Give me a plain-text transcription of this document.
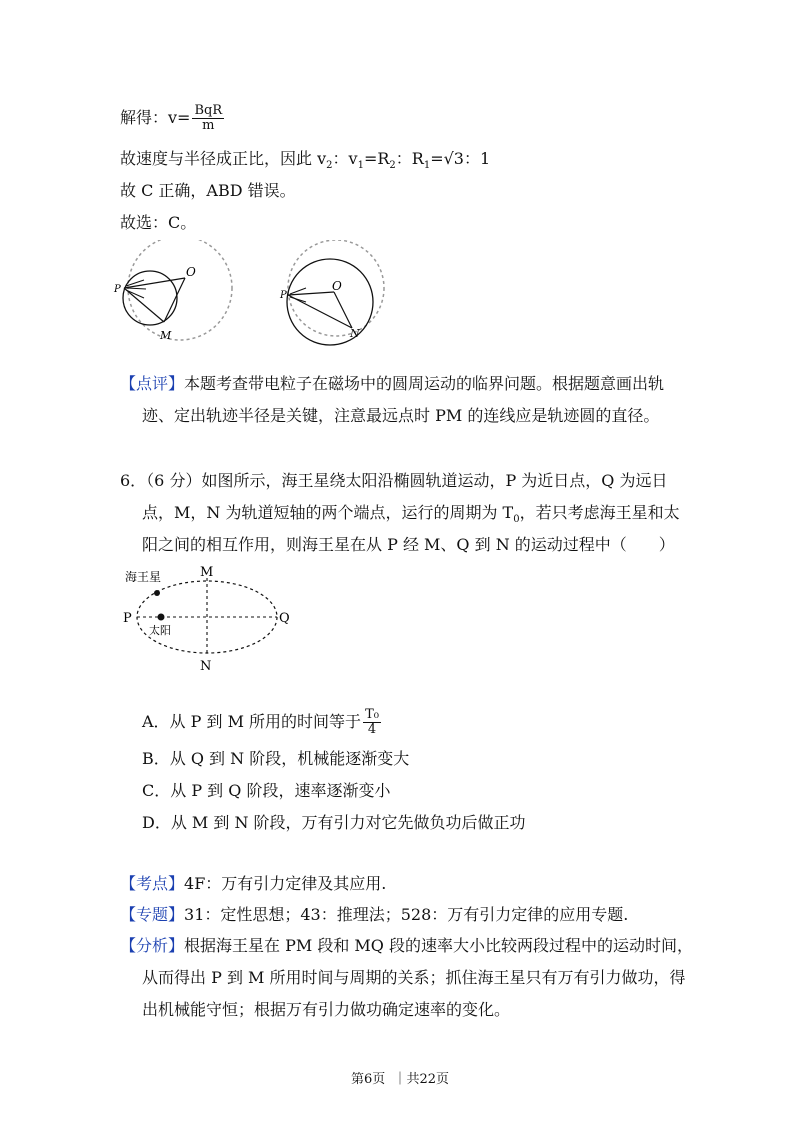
解得：$v= \frac{\text{BqR}}{m}$
故速度与半径成正比，因此 $v_2$：$v_1=R_2$：$R_1=√3$：1
故 C 正确，ABD 错误。
故选：C。
P
O
M
P
O
N
【点评】本题考查带电粒子在磁场中的圆周运动的临界问题。根据题意画出轨
迹、定出轨迹半径是关键，注意最远点时 PM 的连线应是轨迹圆的直径。
6．（6 分）如图所示，海王星绕太阳沿椭圆轨道运动，P 为近日点，Q 为远日
点，M，N 为轨道短轴的两个端点，运行的周期为 $T_0$，若只考虑海王星和太
阳之间的相互作用，则海王星在从 P 经 M、Q 到 N 的运动过程中（　　）
海王星	M
P
太阳
Q
N
A．从 P 到 M 所用的时间等于 $\frac{\text{T₀}}{4}$
B．从 Q 到 N 阶段，机械能逐渐变大
C．从 P 到 Q 阶段，速率逐渐变小
D．从 M 到 N 阶段，万有引力对它先做负功后做正功
【考点】4F：万有引力定律及其应用.
【专题】31：定性思想；43：推理法；528：万有引力定律的应用专题.
【分析】根据海王星在 PM 段和 MQ 段的速率大小比较两段过程中的运动时间，
从而得出 P 到 M 所用时间与周期的关系；抓住海王星只有万有引力做功，得
出机械能守恒；根据万有引力做功确定速率的变化。
第6页 ｜共22页
